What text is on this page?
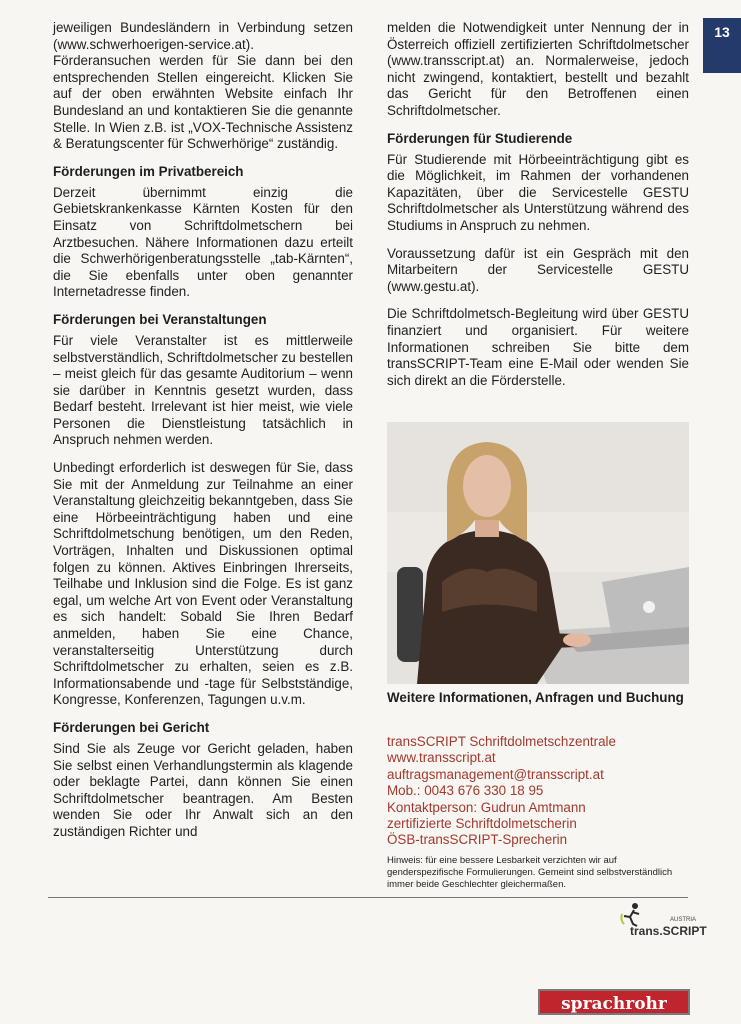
13

jeweiligen Bundesländern in Verbindung setzen (www.schwerhoerigen-service.at). Förderansuchen werden für Sie dann bei den entsprechenden Stellen eingereicht. Klicken Sie auf der oben erwähnten Website einfach Ihr Bundesland an und kontaktieren Sie die genannte Stelle. In Wien z.B. ist „VOX-Technische Assistenz & Beratungscenter für Schwerhörige“ zuständig.

Förderungen im Privatbereich

Derzeit übernimmt einzig die Gebietskrankenkasse Kärnten Kosten für den Einsatz von Schriftdolmetschern bei Arztbesuchen. Nähere Informationen dazu erteilt die Schwerhörigenberatungsstelle „tab-Kärnten“, die Sie ebenfalls unter oben genannter Internetadresse finden.

Förderungen bei Veranstaltungen

Für viele Veranstalter ist es mittlerweile selbstverständlich, Schriftdolmetscher zu bestellen – meist gleich für das gesamte Auditorium – wenn sie darüber in Kenntnis gesetzt wurden, dass Bedarf besteht. Irrelevant ist hier meist, wie viele Personen die Dienstleistung tatsächlich in Anspruch nehmen werden.

Unbedingt erforderlich ist deswegen für Sie, dass Sie mit der Anmeldung zur Teilnahme an einer Veranstaltung gleichzeitig bekanntgeben, dass Sie eine Hörbeeinträchtigung haben und eine Schriftdolmetschung benötigen, um den Reden, Vorträgen, Inhalten und Diskussionen optimal folgen zu können. Aktives Einbringen Ihrerseits, Teilhabe und Inklusion sind die Folge. Es ist ganz egal, um welche Art von Event oder Veranstaltung es sich handelt: Sobald Sie Ihren Bedarf anmelden, haben Sie eine Chance, veranstalterseitig Unterstützung durch Schriftdolmetscher zu erhalten, seien es z.B. Informationsabende und -tage für Selbstständige, Kongresse, Konferenzen, Tagungen u.v.m.

Förderungen bei Gericht

Sind Sie als Zeuge vor Gericht geladen, haben Sie selbst einen Verhandlungstermin als klagende oder beklagte Partei, dann können Sie einen Schriftdolmetscher beantragen. Am Besten wenden Sie oder Ihr Anwalt sich an den zuständigen Richter und

melden die Notwendigkeit unter Nennung der in Österreich offiziell zertifizierten Schriftdolmetscher (www.transscript.at) an. Normalerweise, jedoch nicht zwingend, kontaktiert, bestellt und bezahlt das Gericht für den Betroffenen einen Schriftdolmetscher.

Förderungen für Studierende

Für Studierende mit Hörbeeinträchtigung gibt es die Möglichkeit, im Rahmen der vorhandenen Kapazitäten, über die Servicestelle GESTU Schriftdolmetscher als Unterstützung während des Studiums in Anspruch zu nehmen.

Voraussetzung dafür ist ein Gespräch mit den Mitarbeitern der Servicestelle GESTU (www.gestu.at).

Die Schriftdolmetsch-Begleitung wird über GESTU finanziert und organisiert. Für weitere Informationen schreiben Sie bitte dem transSCRIPT-Team eine E-Mail oder wenden Sie sich direkt an die Förderstelle.

Weitere Informationen, Anfragen und Buchung
transSCRIPT Schriftdolmetschzentrale
www.transscript.at
auftragsmanagement@transscript.at
Mob.: 0043 676 330 18 95
Kontaktperson: Gudrun Amtmann
zertifizierte Schriftdolmetscherin
ÖSB-transSCRIPT-Sprecherin
Hinweis: für eine bessere Lesbarkeit verzichten wir auf genderspezifische Formulierungen. Gemeint sind selbstverständlich immer beide Geschlechter gleichermaßen.
AUSTRIA
trans.SCRIPT
sprachrohr
